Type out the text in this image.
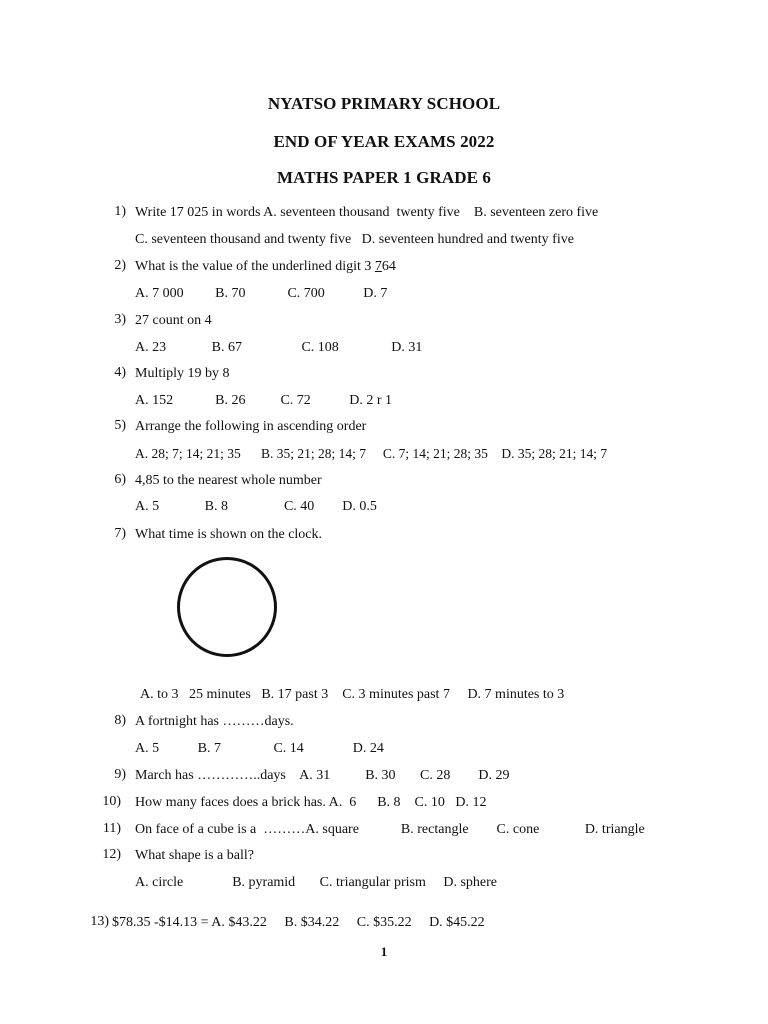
NYATSO PRIMARY SCHOOL
END OF YEAR EXAMS 2022
MATHS PAPER 1 GRADE 6
1) Write 17 025 in words A. seventeen thousand  twenty five    B. seventeen zero five
C. seventeen thousand and twenty five   D. seventeen hundred and twenty five
2) What is the value of the underlined digit 3 764
A. 7 000         B. 70            C. 700           D. 7
3) 27 count on 4
A. 23             B. 67                 C. 108               D. 31
4) Multiply 19 by 8
A. 152            B. 26          C. 72           D. 2 r 1
5) Arrange the following in ascending order
A. 28; 7; 14; 21; 35      B. 35; 21; 28; 14; 7     C. 7; 14; 21; 28; 35    D. 35; 28; 21; 14; 7
6) 4,85 to the nearest whole number
A. 5             B. 8                C. 40        D. 0.5
7) What time is shown on the clock.
A. to 3   25 minutes   B. 17 past 3    C. 3 minutes past 7     D. 7 minutes to 3
8) A fortnight has ………days.
A. 5           B. 7               C. 14              D. 24
9) March has …………..days    A. 31          B. 30       C. 28        D. 29
10) How many faces does a brick has. A.  6      B. 8    C. 10   D. 12
11) On face of a cube is a  ………A. square            B. rectangle        C. cone             D. triangle
12) What shape is a ball?
A. circle              B. pyramid       C. triangular prism     D. sphere
13) $78.35 -$14.13 = A. $43.22     B. $34.22     C. $35.22     D. $45.22
1
